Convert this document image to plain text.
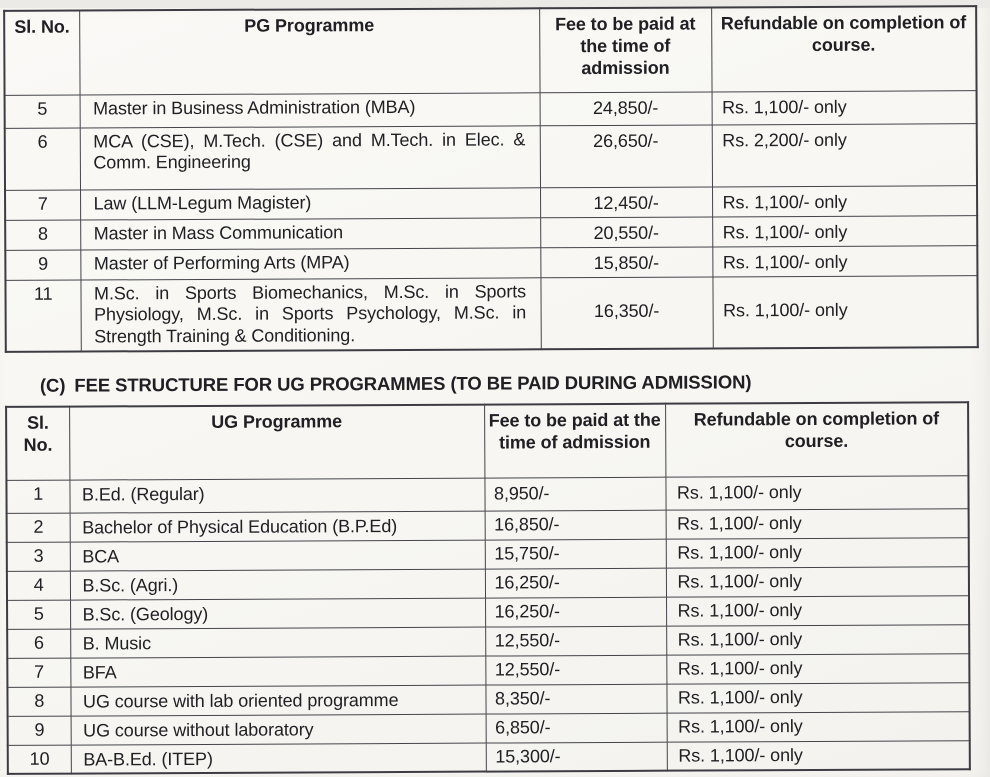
Sl. No.	PG Programme	Fee to be paid at the time of admission	Refundable on completion of course.
5	Master in Business Administration (MBA)	24,850/-	Rs. 1,100/- only
6	MCA (CSE), M.Tech. (CSE) and M.Tech. in Elec. & Comm. Engineering	26,650/-	Rs. 2,200/- only
7	Law (LLM-Legum Magister)	12,450/-	Rs. 1,100/- only
8	Master in Mass Communication	20,550/-	Rs. 1,100/- only
9	Master of Performing Arts (MPA)	15,850/-	Rs. 1,100/- only
11	M.Sc. in Sports Biomechanics, M.Sc. in Sports Physiology, M.Sc. in Sports Psychology, M.Sc. in Strength Training & Conditioning.	16,350/-	Rs. 1,100/- only
(C) FEE STRUCTURE FOR UG PROGRAMMES (TO BE PAID DURING ADMISSION)
Sl. No.	UG Programme	Fee to be paid at the time of admission	Refundable on completion of course.
1	B.Ed. (Regular)	8,950/-	Rs. 1,100/- only
2	Bachelor of Physical Education (B.P.Ed)	16,850/-	Rs. 1,100/- only
3	BCA	15,750/-	Rs. 1,100/- only
4	B.Sc. (Agri.)	16,250/-	Rs. 1,100/- only
5	B.Sc. (Geology)	16,250/-	Rs. 1,100/- only
6	B. Music	12,550/-	Rs. 1,100/- only
7	BFA	12,550/-	Rs. 1,100/- only
8	UG course with lab oriented programme	8,350/-	Rs. 1,100/- only
9	UG course without laboratory	6,850/-	Rs. 1,100/- only
10	BA-B.Ed. (ITEP)	15,300/-	Rs. 1,100/- only
